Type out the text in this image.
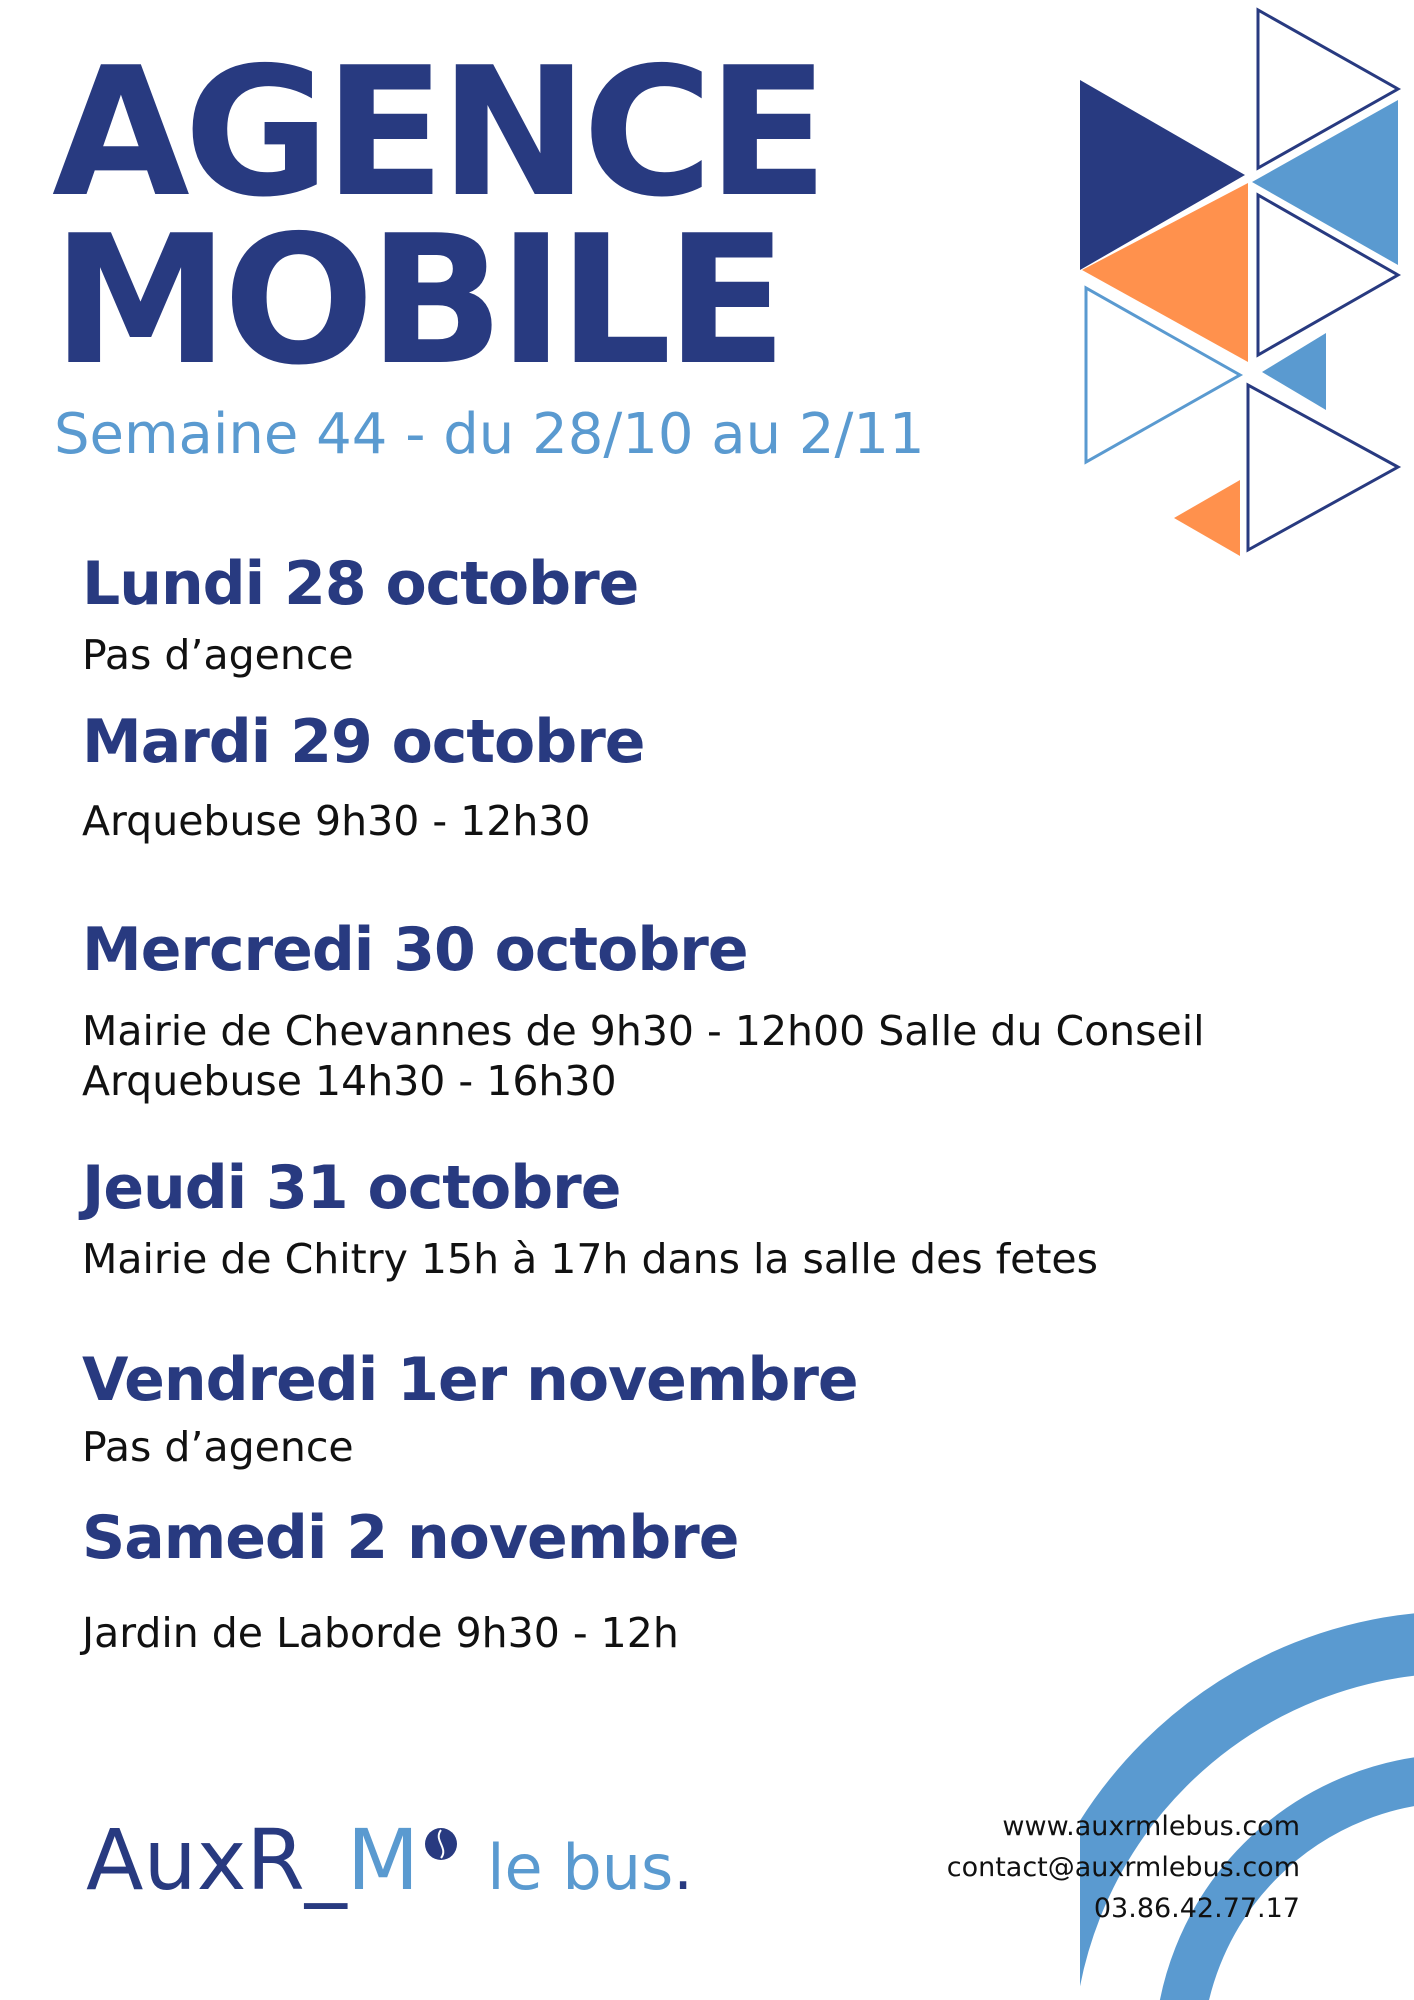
AGENCE
MOBILE
Semaine 44 - du 28/10 au 2/11
Lundi 28 octobre

Pas d’agence

Mardi 29 octobre

Arquebuse 9h30 - 12h30

Mercredi 30 octobre

Mairie de Chevannes de 9h30 - 12h00 Salle du Conseil

Arquebuse 14h30 - 16h30

Jeudi 31 octobre

Mairie de Chitry 15h à 17h dans la salle des fetes

Vendredi 1er novembre

Pas d’agence

Samedi 2 novembre

Jardin de Laborde 9h30 - 12h

AuxR_M le bus.
www.auxrmlebus.com
contact@auxrmlebus.com
03.86.42.77.17
